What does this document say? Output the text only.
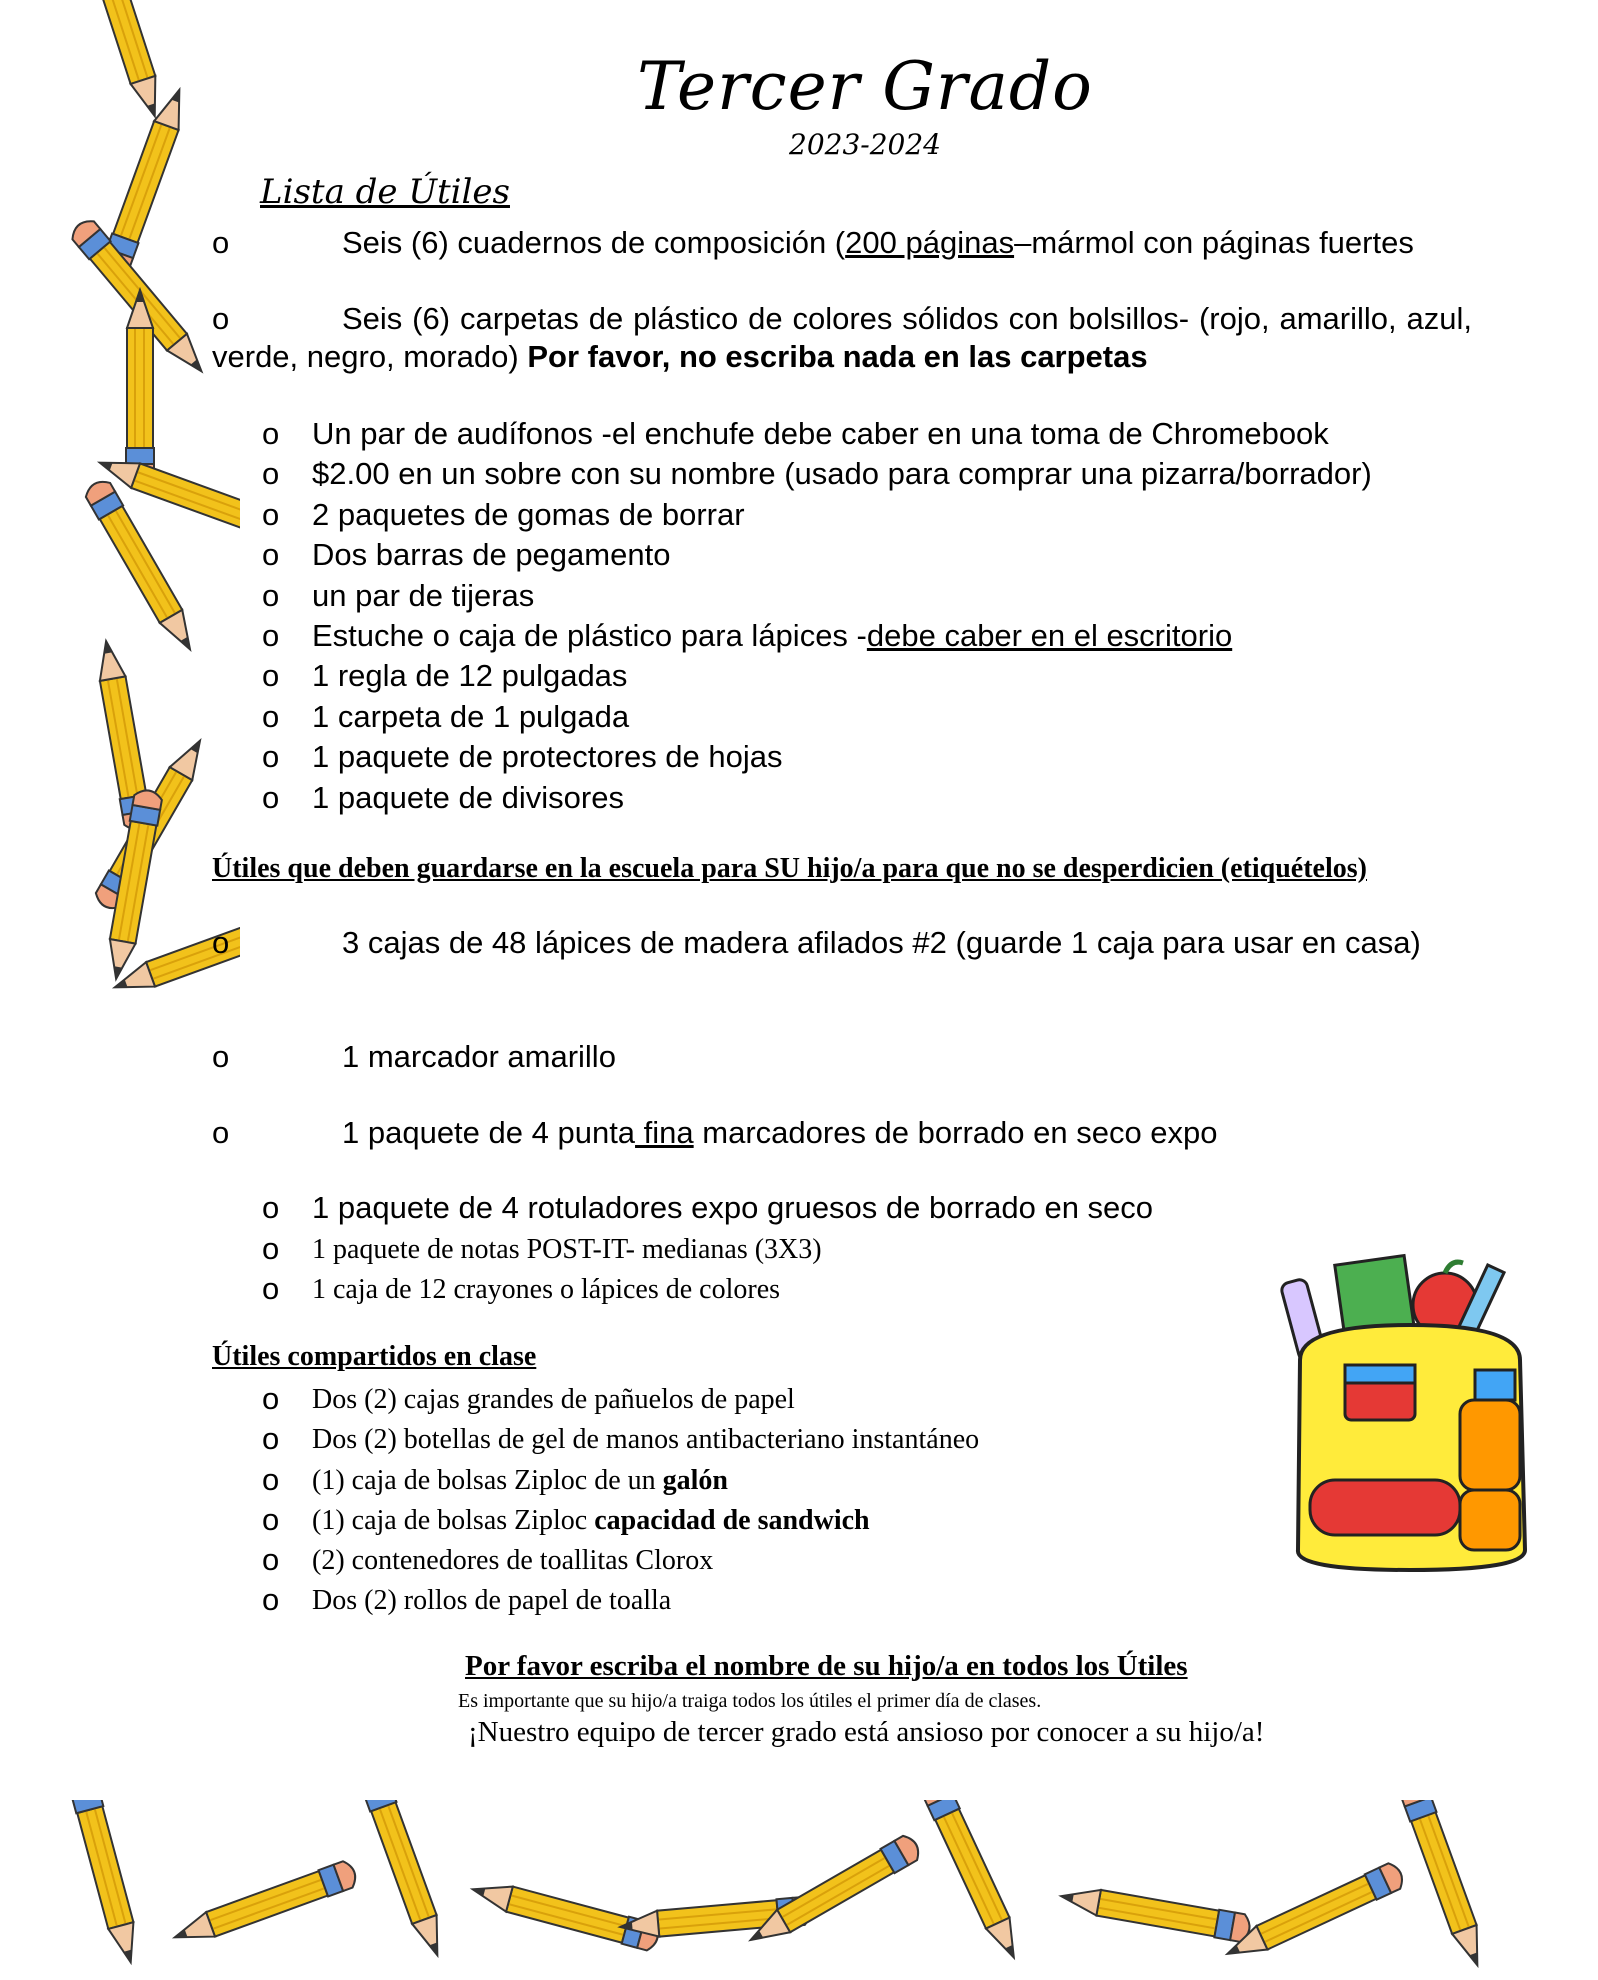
Tercer Grado
2023-2024
Lista de Útiles
o	Seis (6) cuadernos de composición (200 páginas–mármol con páginas fuertes
o	Seis (6) carpetas de plástico de colores sólidos con bolsillos- (rojo, amarillo, azul, verde, negro, morado) Por favor, no escriba nada en las carpetas
o Un par de audífonos -el enchufe debe caber en una toma de Chromebook
o $2.00 en un sobre con su nombre (usado para comprar una pizarra/borrador)
o 2 paquetes de gomas de borrar
o Dos barras de pegamento
o un par de tijeras
o Estuche o caja de plástico para lápices -debe caber en el escritorio
o 1 regla de 12 pulgadas
o 1 carpeta de 1 pulgada
o 1 paquete de protectores de hojas
o 1 paquete de divisores
Útiles que deben guardarse en la escuela para SU hijo/a para que no se desperdicien (etiquételos)
o	3 cajas de 48 lápices de madera afilados #2 (guarde 1 caja para usar en casa)
o	1 marcador amarillo
o	1 paquete de 4 punta fina marcadores de borrado en seco expo
o 1 paquete de 4 rotuladores expo gruesos de borrado en seco
o 1 paquete de notas POST-IT- medianas (3X3)
o 1 caja de 12 crayones o lápices de colores
Útiles compartidos en clase
o Dos (2) cajas grandes de pañuelos de papel
o Dos (2) botellas de gel de manos antibacteriano instantáneo
o (1) caja de bolsas Ziploc de un galón
o (1) caja de bolsas Ziploc capacidad de sandwich
o (2) contenedores de toallitas Clorox
o Dos (2) rollos de papel de toalla
Por favor escriba el nombre de su hijo/a en todos los Útiles
Es importante que su hijo/a traiga todos los útiles el primer día de clases.
¡Nuestro equipo de tercer grado está ansioso por conocer a su hijo/a!
